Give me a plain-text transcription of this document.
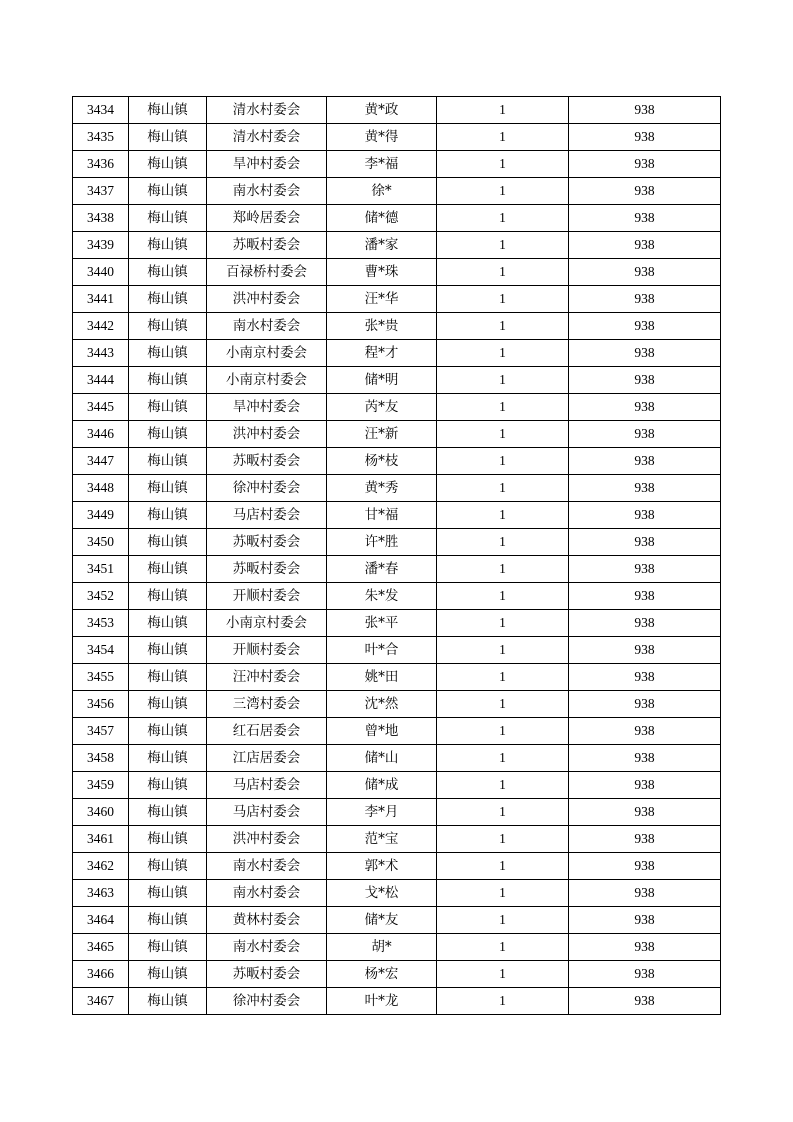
3434	梅山镇	清水村委会	黄*政	1	938
3435	梅山镇	清水村委会	黄*得	1	938
3436	梅山镇	旱冲村委会	李*福	1	938
3437	梅山镇	南水村委会	徐*	1	938
3438	梅山镇	郑岭居委会	储*德	1	938
3439	梅山镇	苏畈村委会	潘*家	1	938
3440	梅山镇	百禄桥村委会	曹*珠	1	938
3441	梅山镇	洪冲村委会	汪*华	1	938
3442	梅山镇	南水村委会	张*贵	1	938
3443	梅山镇	小南京村委会	程*才	1	938
3444	梅山镇	小南京村委会	储*明	1	938
3445	梅山镇	旱冲村委会	芮*友	1	938
3446	梅山镇	洪冲村委会	汪*新	1	938
3447	梅山镇	苏畈村委会	杨*枝	1	938
3448	梅山镇	徐冲村委会	黄*秀	1	938
3449	梅山镇	马店村委会	甘*福	1	938
3450	梅山镇	苏畈村委会	许*胜	1	938
3451	梅山镇	苏畈村委会	潘*春	1	938
3452	梅山镇	开顺村委会	朱*发	1	938
3453	梅山镇	小南京村委会	张*平	1	938
3454	梅山镇	开顺村委会	叶*合	1	938
3455	梅山镇	汪冲村委会	姚*田	1	938
3456	梅山镇	三湾村委会	沈*然	1	938
3457	梅山镇	红石居委会	曾*地	1	938
3458	梅山镇	江店居委会	储*山	1	938
3459	梅山镇	马店村委会	储*成	1	938
3460	梅山镇	马店村委会	李*月	1	938
3461	梅山镇	洪冲村委会	范*宝	1	938
3462	梅山镇	南水村委会	郭*术	1	938
3463	梅山镇	南水村委会	戈*松	1	938
3464	梅山镇	黄林村委会	储*友	1	938
3465	梅山镇	南水村委会	胡*	1	938
3466	梅山镇	苏畈村委会	杨*宏	1	938
3467	梅山镇	徐冲村委会	叶*龙	1	938
